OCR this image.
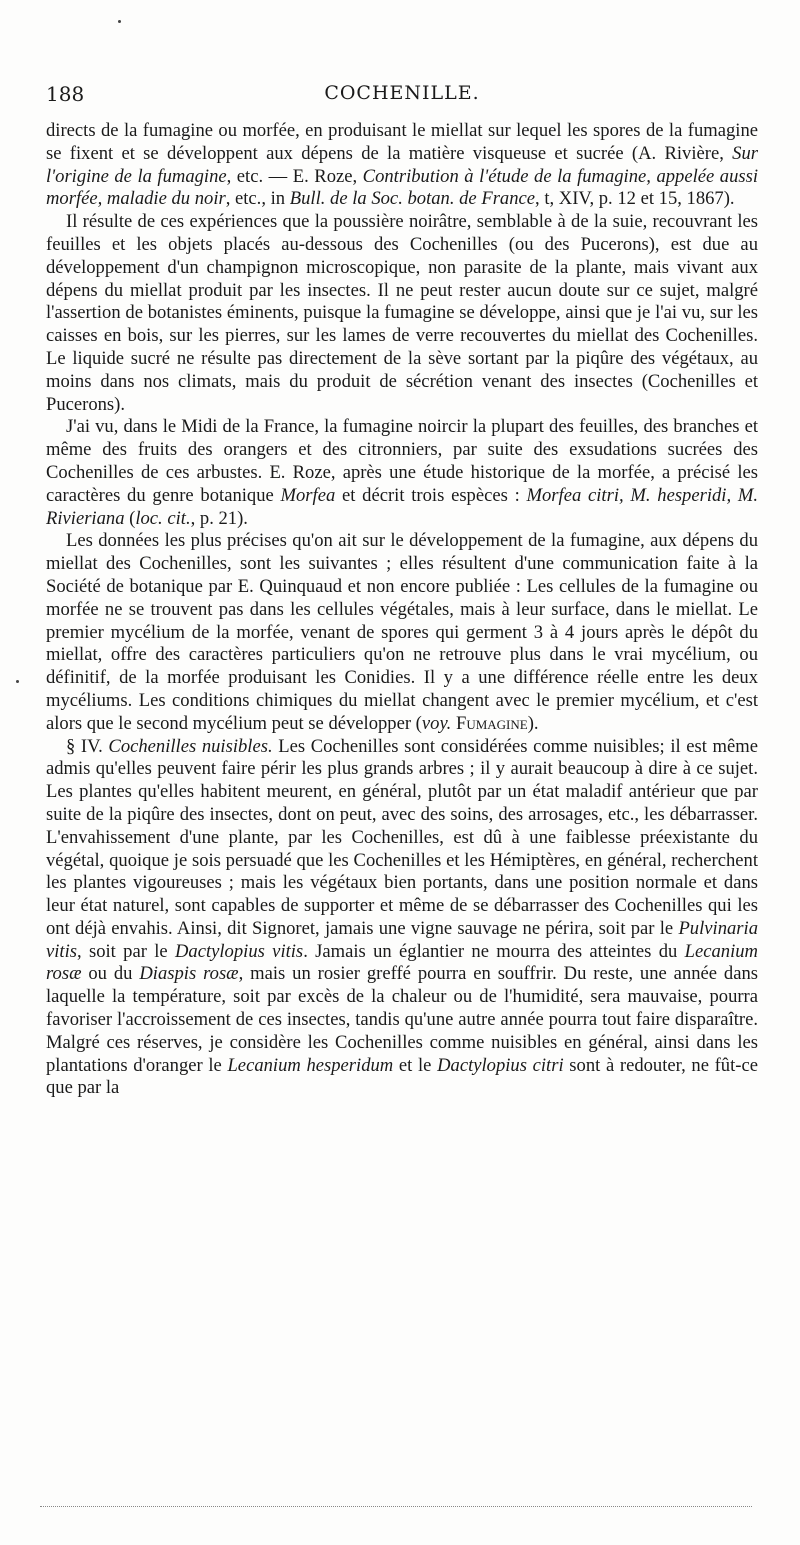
188	COCHENILLE.

directs de la fumagine ou morfée, en produisant le miellat sur lequel les spores de la fumagine se fixent et se développent aux dépens de la matière visqueuse et sucrée (A. Rivière, Sur l'origine de la fumagine, etc. — E. Roze, Contribution à l'étude de la fumagine, appelée aussi morfée, maladie du noir, etc., in Bull. de la Soc. botan. de France, t, XIV, p. 12 et 15, 1867).

Il résulte de ces expériences que la poussière noirâtre, semblable à de la suie, recouvrant les feuilles et les objets placés au-dessous des Cochenilles (ou des Pucerons), est due au développement d'un champignon microscopique, non parasite de la plante, mais vivant aux dépens du miellat produit par les insectes. Il ne peut rester aucun doute sur ce sujet, malgré l'assertion de botanistes éminents, puisque la fumagine se développe, ainsi que je l'ai vu, sur les caisses en bois, sur les pierres, sur les lames de verre recouvertes du miellat des Cochenilles. Le liquide sucré ne résulte pas directement de la sève sortant par la piqûre des végétaux, au moins dans nos climats, mais du produit de sécrétion venant des insectes (Cochenilles et Pucerons).

J'ai vu, dans le Midi de la France, la fumagine noircir la plupart des feuilles, des branches et même des fruits des orangers et des citronniers, par suite des exsudations sucrées des Cochenilles de ces arbustes. E. Roze, après une étude historique de la morfée, a précisé les caractères du genre botanique Morfea et décrit trois espèces : Morfea citri, M. hesperidi, M. Rivieriana (loc. cit., p. 21).

Les données les plus précises qu'on ait sur le développement de la fumagine, aux dépens du miellat des Cochenilles, sont les suivantes ; elles résultent d'une communication faite à la Société de botanique par E. Quinquaud et non encore publiée : Les cellules de la fumagine ou morfée ne se trouvent pas dans les cellules végétales, mais à leur surface, dans le miellat. Le premier mycélium de la morfée, venant de spores qui germent 3 à 4 jours après le dépôt du miellat, offre des caractères particuliers qu'on ne retrouve plus dans le vrai mycélium, ou définitif, de la morfée produisant les Conidies. Il y a une différence réelle entre les deux mycéliums. Les conditions chimiques du miellat changent avec le premier mycélium, et c'est alors que le second mycélium peut se développer (voy. Fumagine).

§ IV. Cochenilles nuisibles. Les Cochenilles sont considérées comme nuisibles; il est même admis qu'elles peuvent faire périr les plus grands arbres ; il y aurait beaucoup à dire à ce sujet. Les plantes qu'elles habitent meurent, en général, plutôt par un état maladif antérieur que par suite de la piqûre des insectes, dont on peut, avec des soins, des arrosages, etc., les débarrasser. L'envahissement d'une plante, par les Cochenilles, est dû à une faiblesse préexistante du végétal, quoique je sois persuadé que les Cochenilles et les Hémiptères, en général, recherchent les plantes vigoureuses ; mais les végétaux bien portants, dans une position normale et dans leur état naturel, sont capables de supporter et même de se débarrasser des Cochenilles qui les ont déjà envahis. Ainsi, dit Signoret, jamais une vigne sauvage ne périra, soit par le Pulvinaria vitis, soit par le Dactylopius vitis. Jamais un églantier ne mourra des atteintes du Lecanium rosæ ou du Diaspis rosæ, mais un rosier greffé pourra en souffrir. Du reste, une année dans laquelle la température, soit par excès de la chaleur ou de l'humidité, sera mauvaise, pourra favoriser l'accroissement de ces insectes, tandis qu'une autre année pourra tout faire disparaître. Malgré ces réserves, je considère les Cochenilles comme nuisibles en général, ainsi dans les plantations d'oranger le Lecanium hesperidum et le Dactylopius citri sont à redouter, ne fût-ce que par la
